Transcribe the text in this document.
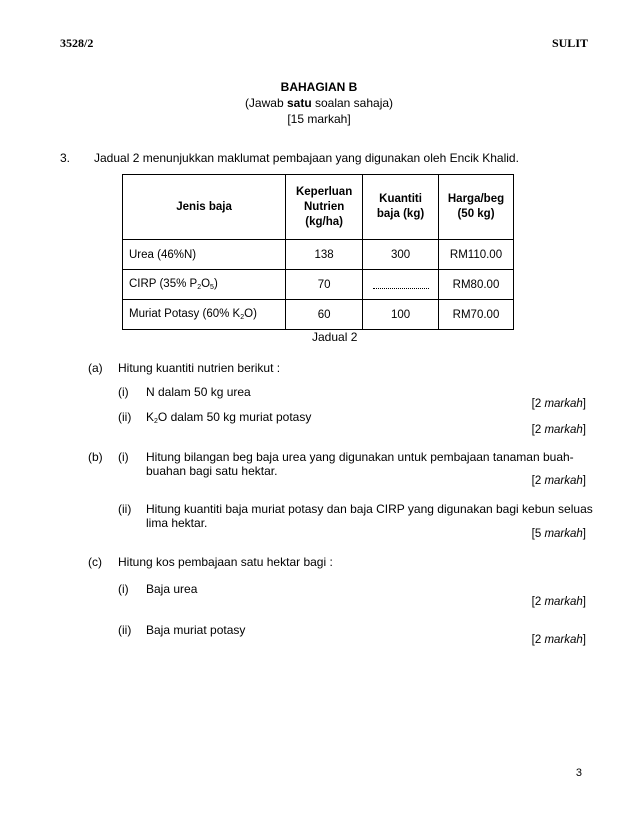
3528/2	SULIT
BAHAGIAN B
(Jawab satu soalan sahaja)
[15 markah]
3. Jadual 2 menunjukkan maklumat pembajaan yang digunakan oleh Encik Khalid.
Jenis baja	Keperluan Nutrien (kg/ha)	Kuantiti baja (kg)	Harga/beg (50 kg)
Urea (46%N)	138	300	RM110.00
CIRP (35% $P_2O_5$)	70		RM80.00
Muriat Potasy (60% $K_2O$)	60	100	RM70.00
Jadual 2
(a) Hitung kuantiti nutrien berikut :
(i) N dalam 50 kg urea
[2 markah]
(ii) $K_2O$ dalam 50 kg muriat potasy
[2 markah]
(b) (i) Hitung bilangan beg baja urea yang digunakan untuk pembajaan tanaman buah-
buahan bagi satu hektar.
[2 markah]
(ii) Hitung kuantiti baja muriat potasy dan baja CIRP yang digunakan bagi kebun seluas
lima hektar.
[5 markah]
(c) Hitung kos pembajaan satu hektar bagi :
(i) Baja urea
[2 markah]
(ii) Baja muriat potasy
[2 markah]
3
